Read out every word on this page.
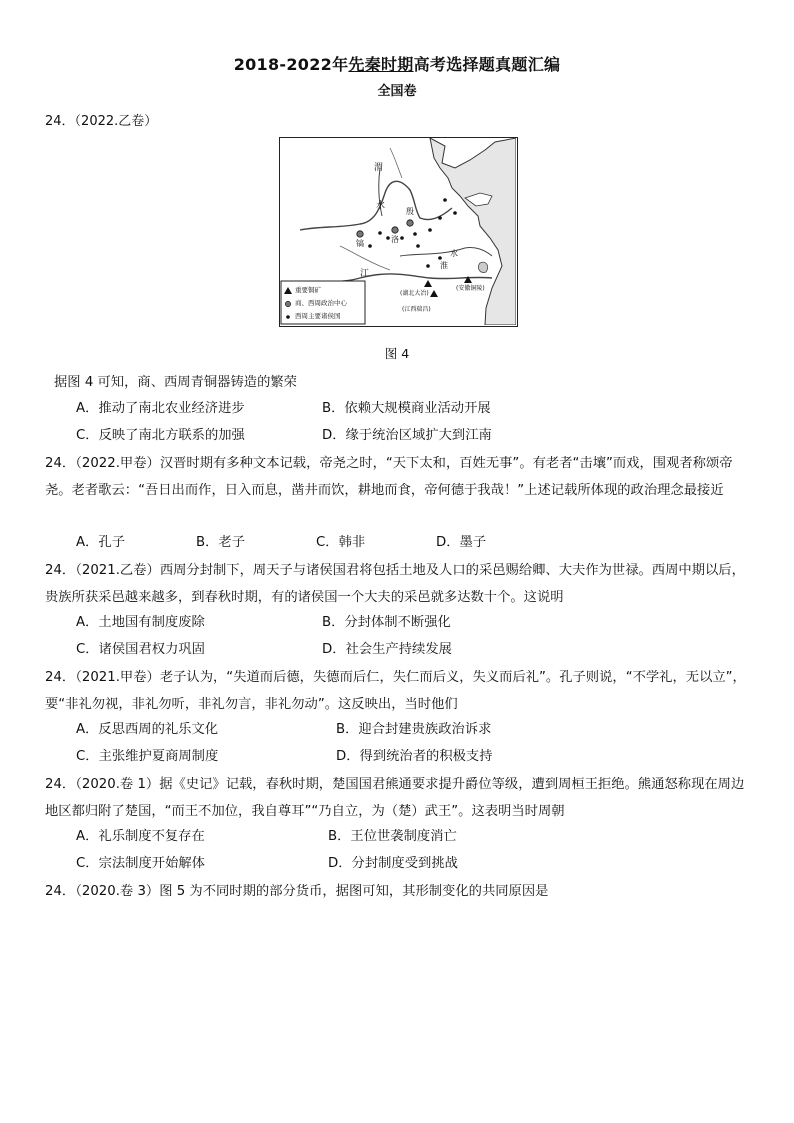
2018-2022年先秦时期高考选择题真题汇编
全国卷
24．（2022.乙卷）
渭
水
殷
镐	洛
江
淮
水
(湖北大冶)
(江西瑞昌)
(安徽铜陵)
重要铜矿
商、西周政治中心
西周主要诸侯国
图 4
据图 4 可知，商、西周青铜器铸造的繁荣
A．推动了南北农业经济进步	B．依赖大规模商业活动开展
C．反映了南北方联系的加强	D．缘于统治区域扩大到江南
24．（2022.甲卷）汉晋时期有多种文本记载，帝尧之时，“天下太和，百姓无事”。有老者“击壤”而戏，围观者称颂帝尧。老者歌云：“吾日出而作，日入而息，凿井而饮，耕地而食，帝何德于我哉！”上述记载所体现的政治理念最接近
A．孔子	B．老子	C．韩非	D．墨子
24．（2021.乙卷）西周分封制下，周天子与诸侯国君将包括土地及人口的采邑赐给卿、大夫作为世禄。西周中期以后，贵族所获采邑越来越多，到春秋时期，有的诸侯国一个大夫的采邑就多达数十个。这说明
A．土地国有制度废除	B．分封体制不断强化
C．诸侯国君权力巩固	D．社会生产持续发展
24．（2021.甲卷）老子认为，“失道而后德，失德而后仁，失仁而后义，失义而后礼”。孔子则说，“不学礼，无以立”，要“非礼勿视，非礼勿听，非礼勿言，非礼勿动”。这反映出，当时他们
A．反思西周的礼乐文化	B．迎合封建贵族政治诉求
C．主张维护夏商周制度	D．得到统治者的积极支持
24．（2020.卷 1）据《史记》记载，春秋时期，楚国国君熊通要求提升爵位等级，遭到周桓王拒绝。熊通怒称现在周边地区都归附了楚国，“而王不加位，我自尊耳”“乃自立，为（楚）武王”。这表明当时周朝
A．礼乐制度不复存在	B．王位世袭制度消亡
C．宗法制度开始解体	D．分封制度受到挑战
24．（2020.卷 3）图 5 为不同时期的部分货币，据图可知，其形制变化的共同原因是
